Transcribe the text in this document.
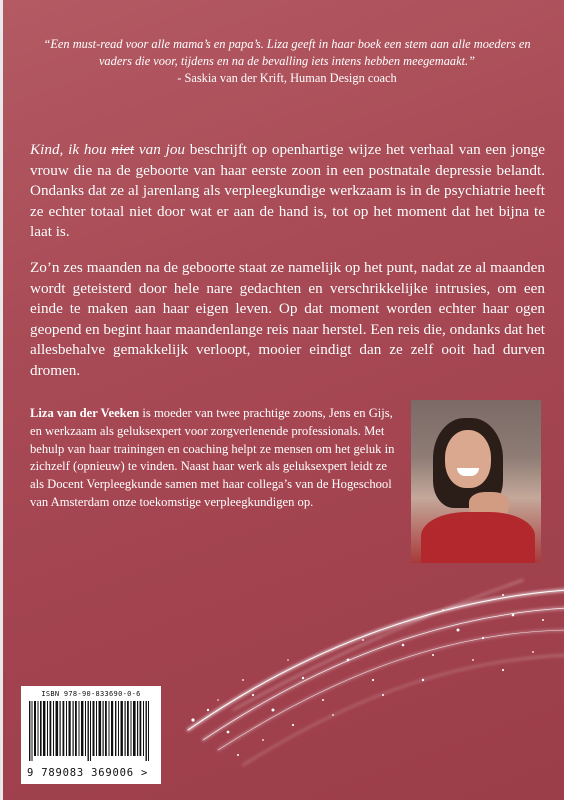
“Een must-read voor alle mama’s en papa’s. Liza geeft in haar boek een stem aan alle moeders en vaders die voor, tijdens en na de bevalling iets intens hebben meegemaakt.”
- Saskia van der Krift, Human Design coach
Kind, ik hou niet van jou beschrijft op openhartige wijze het verhaal van een jonge vrouw die na de geboorte van haar eerste zoon in een postnatale depressie belandt. Ondanks dat ze al jarenlang als verpleegkundige werkzaam is in de psychiatrie heeft ze echter totaal niet door wat er aan de hand is, tot op het moment dat het bijna te laat is.
Zo’n zes maanden na de geboorte staat ze namelijk op het punt, nadat ze al maanden wordt geteisterd door hele nare gedachten en verschrikkelijke intrusies, om een einde te maken aan haar eigen leven. Op dat moment worden echter haar ogen geopend en begint haar maandenlange reis naar herstel. Een reis die, ondanks dat het allesbehalve gemakkelijk verloopt, mooier eindigt dan ze zelf ooit had durven dromen.
Liza van der Veeken is moeder van twee prachtige zoons, Jens en Gijs, en werkzaam als geluksexpert voor zorgverlenende professionals. Met behulp van haar trainingen en coaching helpt ze mensen om het geluk in zichzelf (opnieuw) te vinden. Naast haar werk als geluksexpert leidt ze als Docent Verpleegkunde samen met haar collega’s van de Hogeschool van Amsterdam onze toekomstige verpleegkundigen op.
ISBN 978-90-833690-0-6
9 789083 369006 >
